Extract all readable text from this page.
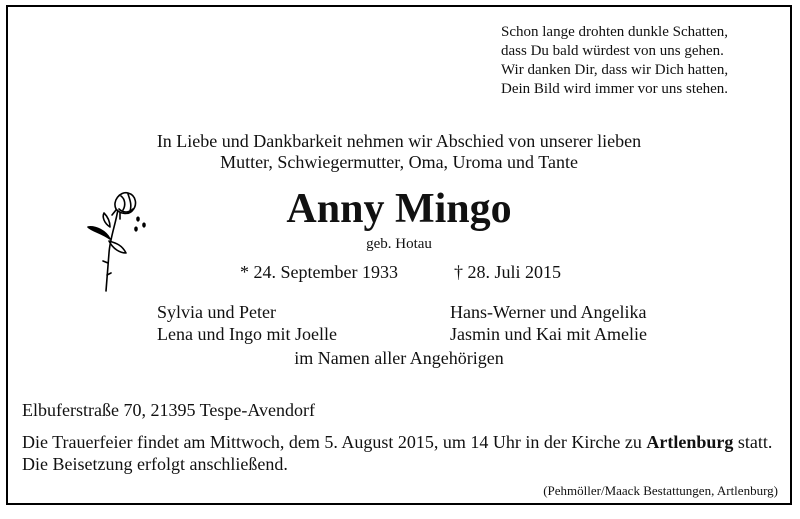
Schon lange drohten dunkle Schatten,
dass Du bald würdest von uns gehen.
Wir danken Dir, dass wir Dich hatten,
Dein Bild wird immer vor uns stehen.
In Liebe und Dankbarkeit nehmen wir Abschied von unserer lieben
Mutter, Schwiegermutter, Oma, Uroma und Tante
Anny Mingo
geb. Hotau
* 24. September 1933	† 28. Juli 2015
Sylvia und Peter
Lena und Ingo mit Joelle
Hans-Werner und Angelika
Jasmin und Kai mit Amelie
im Namen aller Angehörigen
Elbuferstraße 70, 21395 Tespe-Avendorf
Die Trauerfeier findet am Mittwoch, dem 5. August 2015, um 14 Uhr in der Kirche zu Artlenburg statt.
Die Beisetzung erfolgt anschließend.
(Pehmöller/Maack Bestattungen, Artlenburg)
